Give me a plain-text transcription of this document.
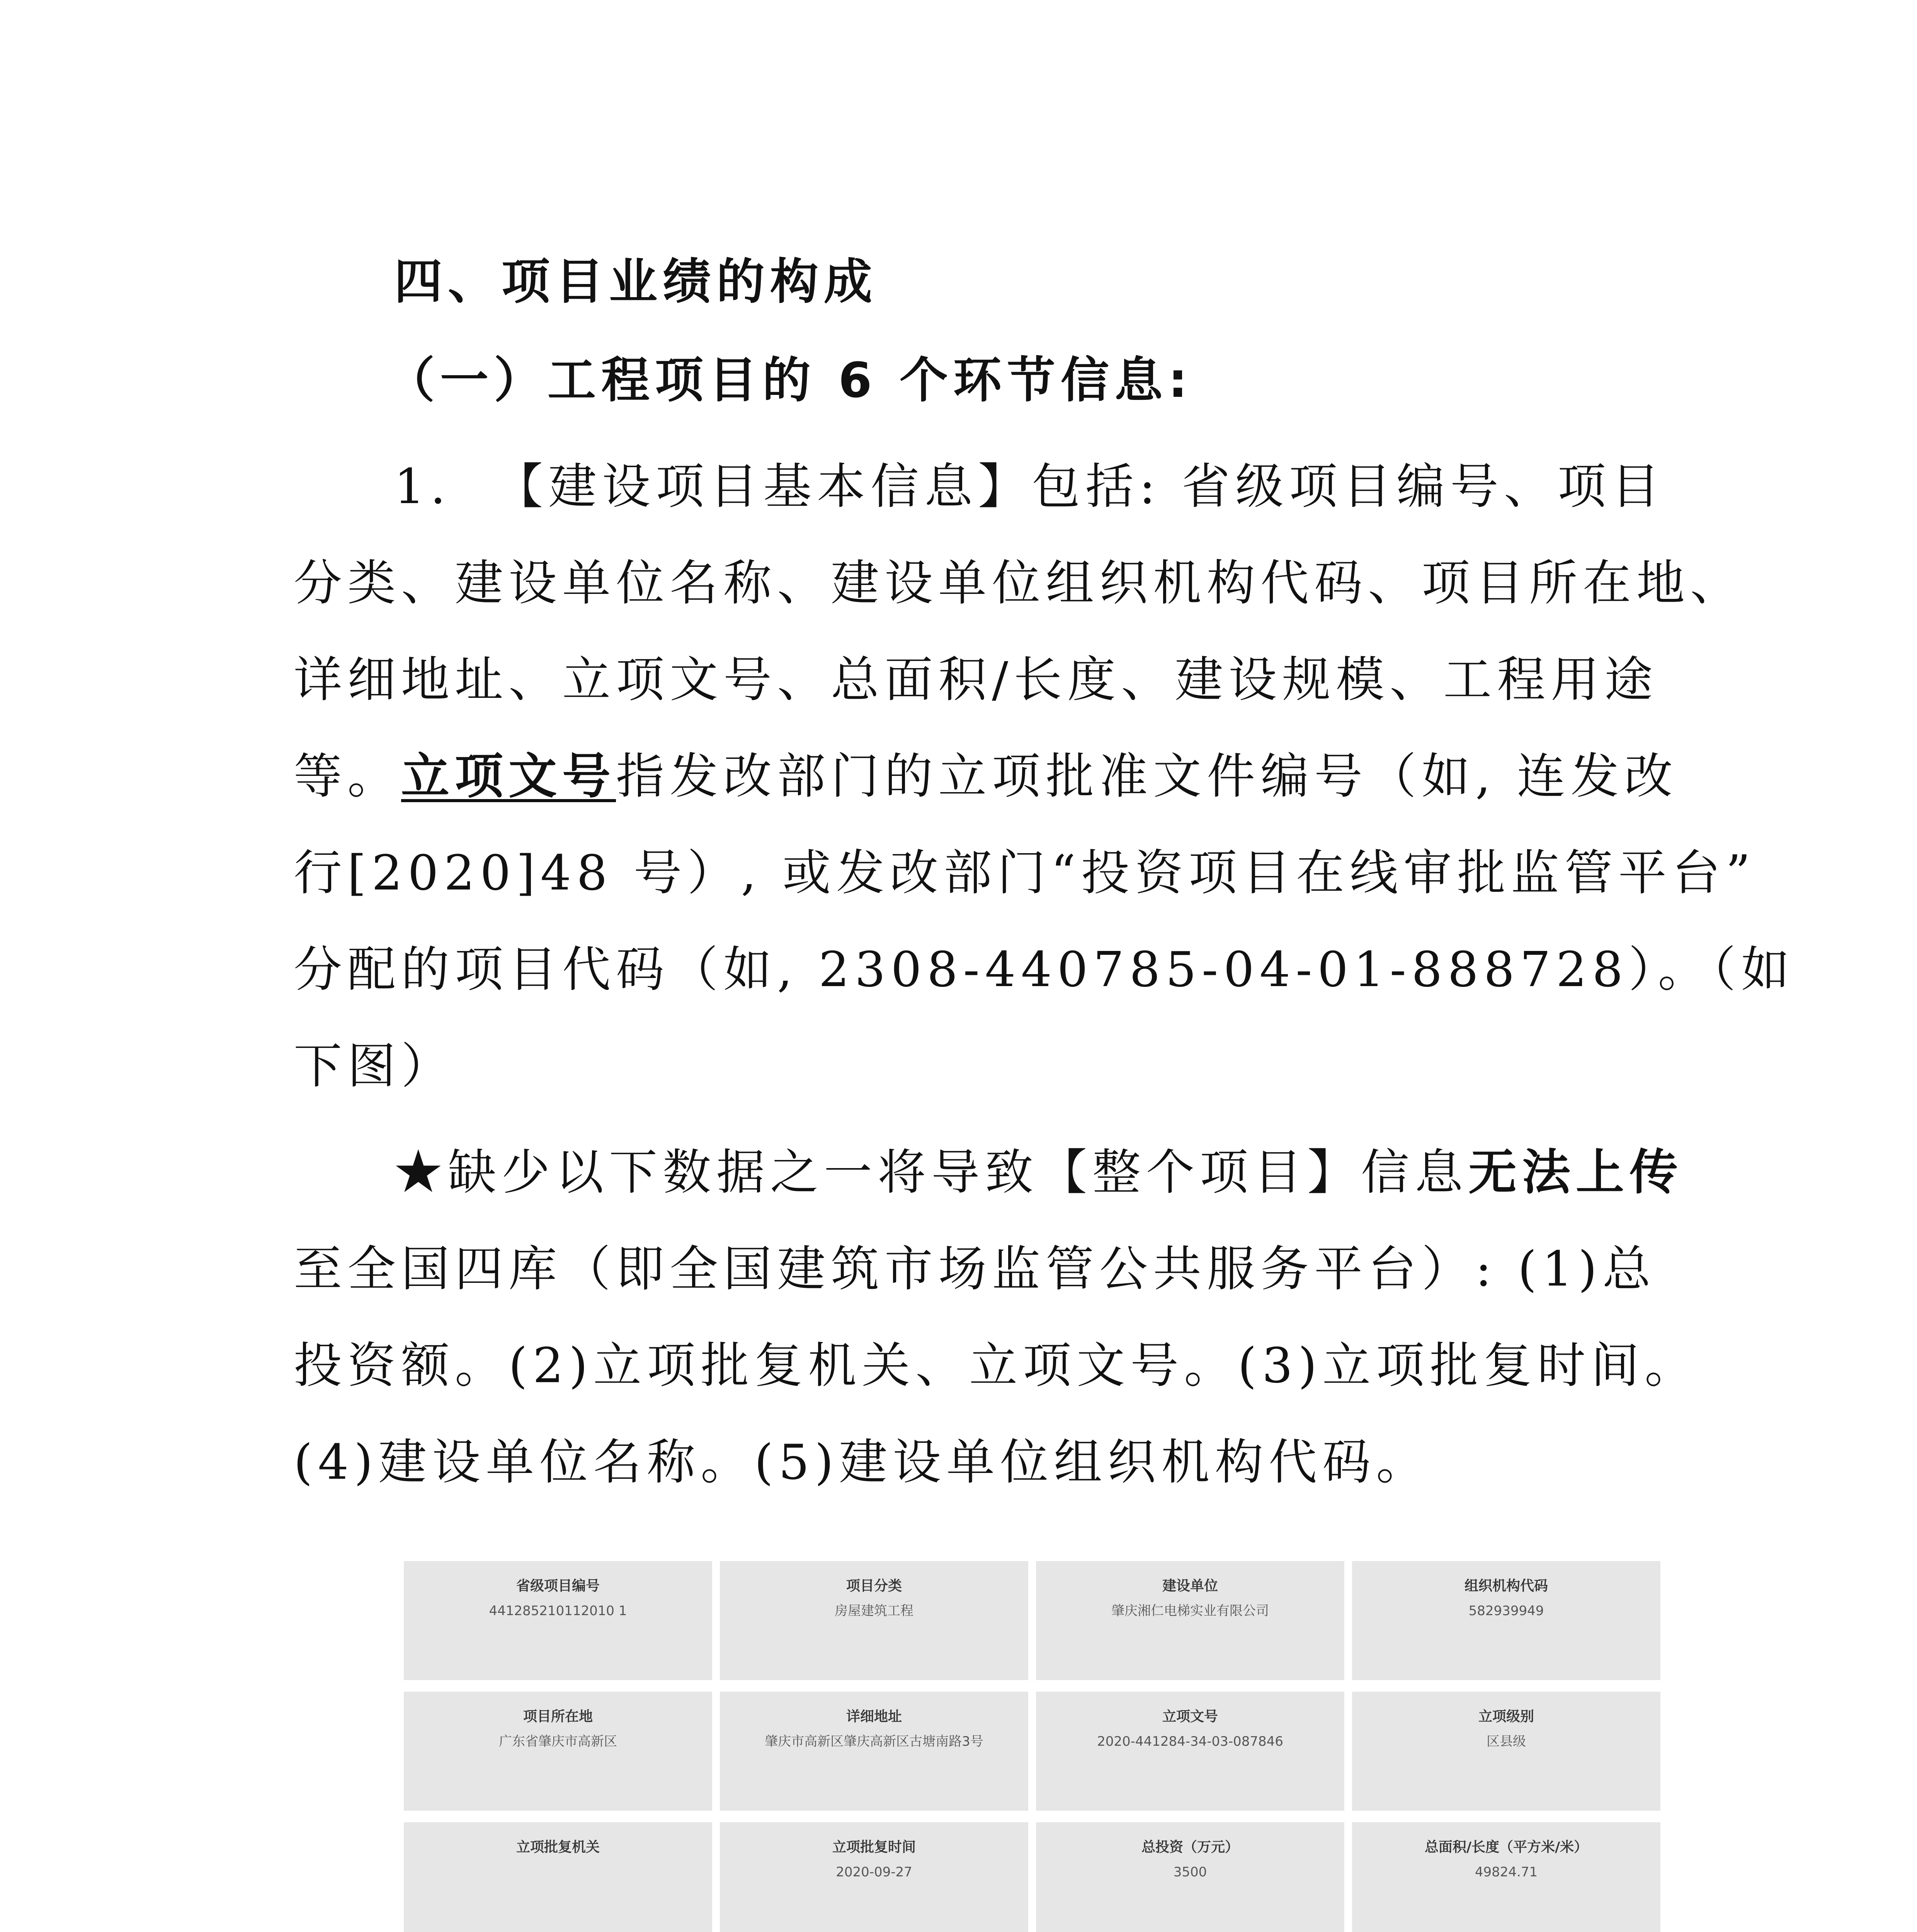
四、项目业绩的构成
（一）工程项目的 6 个环节信息:
1. 【建设项目基本信息】包括: 省级项目编号、项目
分类、建设单位名称、建设单位组织机构代码、项目所在地、
详细地址、立项文号、总面积/长度、建设规模、工程用途
等。立项文号指发改部门的立项批准文件编号（如, 连发改
行[2020]48 号）, 或发改部门“投资项目在线审批监管平台”
分配的项目代码（如, 2308-440785-04-01-888728）。（如
下图）
★缺少以下数据之一将导致【整个项目】信息无法上传
至全国四库（即全国建筑市场监管公共服务平台）: (1)总
投资额。(2)立项批复机关、立项文号。(3)立项批复时间。
(4)建设单位名称。(5)建设单位组织机构代码。
省级项目编号
441285210112010 1
项目分类
房屋建筑工程
建设单位
肇庆湘仁电梯实业有限公司
组织机构代码
582939949
项目所在地
广东省肇庆市高新区
详细地址
肇庆市高新区肇庆高新区古塘南路3号
立项文号
2020-441284-34-03-087846
立项级别
区县级
立项批复机关	立项批复时间
2020-09-27
总投资（万元）
3500
总面积/长度（平方米/米）
49824.71
